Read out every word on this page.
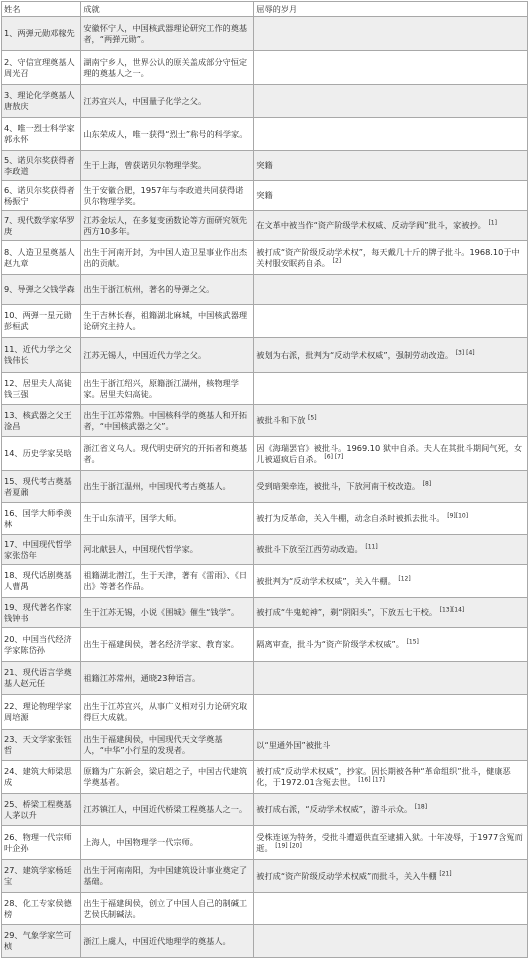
姓名	成就	屈辱的岁月
1、两弹元勋邓稼先	安徽怀宁人，中国核武器理论研究工作的奠基者，“两弹元勋”。	
2、守信宣理奠基人周光召	湖南宁乡人，世界公认的原关盖成部分守恒定理的奠基人之一。	
3、理论化学奠基人唐敖庆	江苏宜兴人，中国量子化学之父。	
4、唯一烈士科学家郭永怀	山东荣成人，唯一获得“烈士”称号的科学家。	
5、诺贝尔奖获得者李政道	生于上海，曾获诺贝尔物理学奖。	突籍
6、诺贝尔奖获得者杨振宁	生于安徽合肥，1957年与李政道共同获得诺贝尔物理学奖。	突籍
7、现代数学家华罗庚	江苏金坛人，在多复变函数论等方面研究领先西方10多年。	在文革中被当作“资产阶级学术权威、反动学阀”批斗，家被抄。 [1]
8、人造卫星奠基人赵九章	出生于河南开封，为中国人造卫星事业作出杰出的贡献。	被打成“资产阶级反动学术权”，每天戴几十斤的牌子批斗。1968.10于中关村服安眠药自杀。 [2]
9、导弹之父钱学森	出生于浙江杭州，著名的导弹之父。	
10、两弹一星元勋彭桓武	生于吉林长春，祖籍湖北麻城，中国核武器理论研究主持人。	
11、近代力学之父钱伟长	江苏无锡人，中国近代力学之父。	被划为右派，批判为“反动学术权威”，强制劳动改造。 [3] [4]
12、居里夫人高徒钱三强	出生于浙江绍兴，原籍浙江湖州，核物理学家。居里夫妇高徒。	
13、核武器之父王淦昌	出生于江苏常熟。中国核科学的奠基人和开拓者，“中国核武器之父”。	被批斗和下放 [5]
14、历史学家吴晗	浙江省义乌人。现代明史研究的开拓者和奠基者。	因《海瑞罢官》被批斗。1969.10 狱中自杀。夫人在其批斗期间气死，女儿被逼疯后自杀。 [6] [7]
15、现代考古奠基者夏鼐	出生于浙江温州，中国现代考古奠基人。	受到暗架牵连，被批斗，下放河南干校改造。 [8]
16、国学大师季羡林	生于山东清平，国学大师。	被打为反革命，关入牛棚，动念自杀时被抓去批斗。 [9][10]
17、中国现代哲学家张岱年	河北献县人，中国现代哲学家。	被批斗下放至江西劳动改造。 [11]
18、现代话剧奠基人曹禺	祖籍湖北潜江，生于天津，著有《雷雨》、《日出》等著名作品。	被批判为“反动学术权威”，关入牛棚。 [12]
19、现代著名作家钱钟书	生于江苏无锡，小说《围城》催生“钱学”。	被打成“牛鬼蛇神”，剃“阴阳头”，下放五七干校。 [13][14]
20、中国当代经济学家陈岱孙	出生于福建闽侯，著名经济学家、教育家。	隔离审查，批斗为“资产阶级学术权威”。 [15]
21、现代语言学奠基人赵元任	祖籍江苏常州，通晓23种语言。	
22、理论物理学家周培源	出生于江苏宜兴，从事广义相对引力论研究取得巨大成就。	
23、天文学家张钰哲	出生于福建闽侯，中国现代天文学奠基人，“中华”小行星的发现者。	以“里通外国”被批斗
24、建筑大师梁思成	原籍为广东新会，梁启超之子，中国古代建筑学奠基者。	被打成“反动学术权威”，抄家。因长期被各种“革命组织”批斗，健康恶化，于1972.01含冤去世。 [16] [17]
25、桥梁工程奠基人茅以升	江苏镇江人，中国近代桥梁工程奠基人之一。	被打成右派，“反动学术权威”，游斗示众。 [18]
26、物理一代宗师叶企孙	上海人，中国物理学一代宗师。	受株连诬为特务，受批斗遭逼供直至逮捕入狱。十年凌辱，于1977含冤而逝。 [19] [20]
27、建筑学家杨廷宝	出生于河南南阳，为中国建筑设计事业奠定了基础。	被打成“资产阶级反动学术权威”而批斗，关入牛棚 [21]
28、化工专家侯德榜	出生于福建闽侯，创立了中国人自己的制碱工艺侯氏制碱法。	
29、气象学家竺可桢	浙江上虞人，中国近代地理学的奠基人。	
